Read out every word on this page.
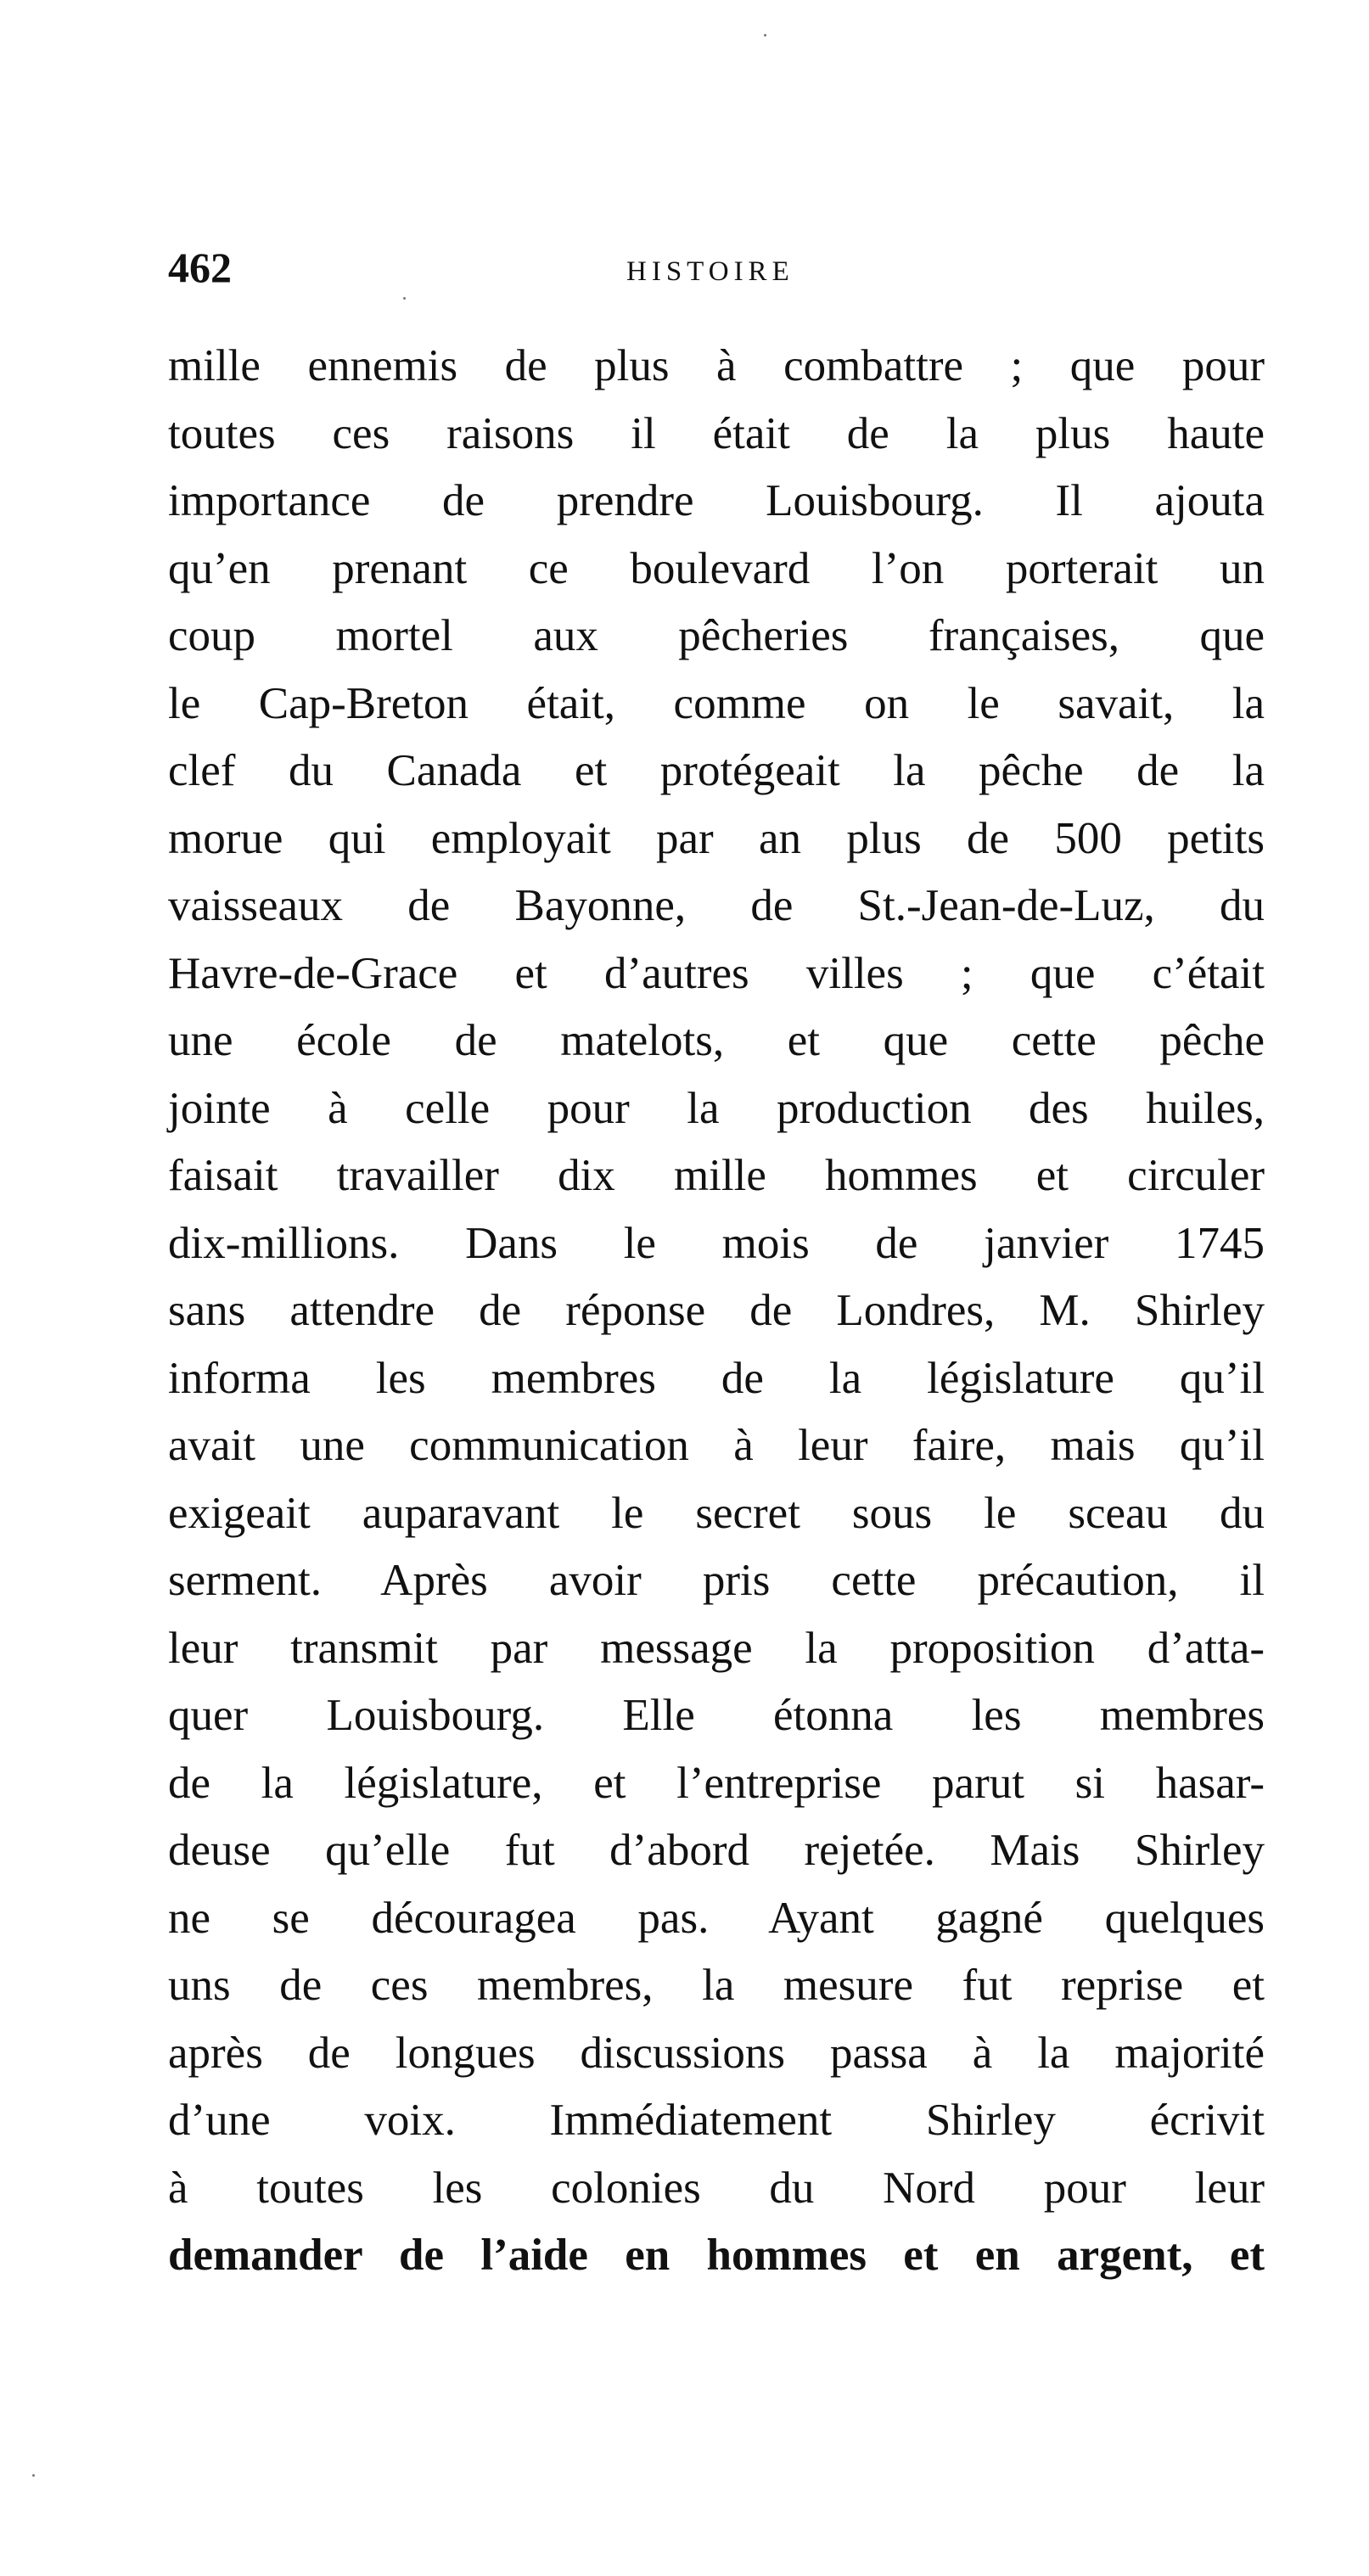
462	HISTOIRE
mille ennemis de plus à combattre ; que pour
toutes ces raisons il était de la plus haute
importance de prendre Louisbourg. Il ajouta
qu’en prenant ce boulevard l’on porterait un
coup mortel aux pêcheries françaises, que
le Cap-Breton était, comme on le savait, la
clef du Canada et protégeait la pêche de la
morue qui employait par an plus de 500 petits
vaisseaux de Bayonne, de St.-Jean-de-Luz, du
Havre-de-Grace et d’autres villes ; que c’était
une école de matelots, et que cette pêche
jointe à celle pour la production des huiles,
faisait travailler dix mille hommes et circuler
dix-millions. Dans le mois de janvier 1745
sans attendre de réponse de Londres, M. Shirley
informa les membres de la législature qu’il
avait une communication à leur faire, mais qu’il
exigeait auparavant le secret sous le sceau du
serment. Après avoir pris cette précaution, il
leur transmit par message la proposition d’atta-
quer Louisbourg. Elle étonna les membres
de la législature, et l’entreprise parut si hasar-
deuse qu’elle fut d’abord rejetée. Mais Shirley
ne se découragea pas. Ayant gagné quelques
uns de ces membres, la mesure fut reprise et
après de longues discussions passa à la majorité
d’une voix. Immédiatement Shirley écrivit
à toutes les colonies du Nord pour leur
demander de l’aide en hommes et en argent, et
